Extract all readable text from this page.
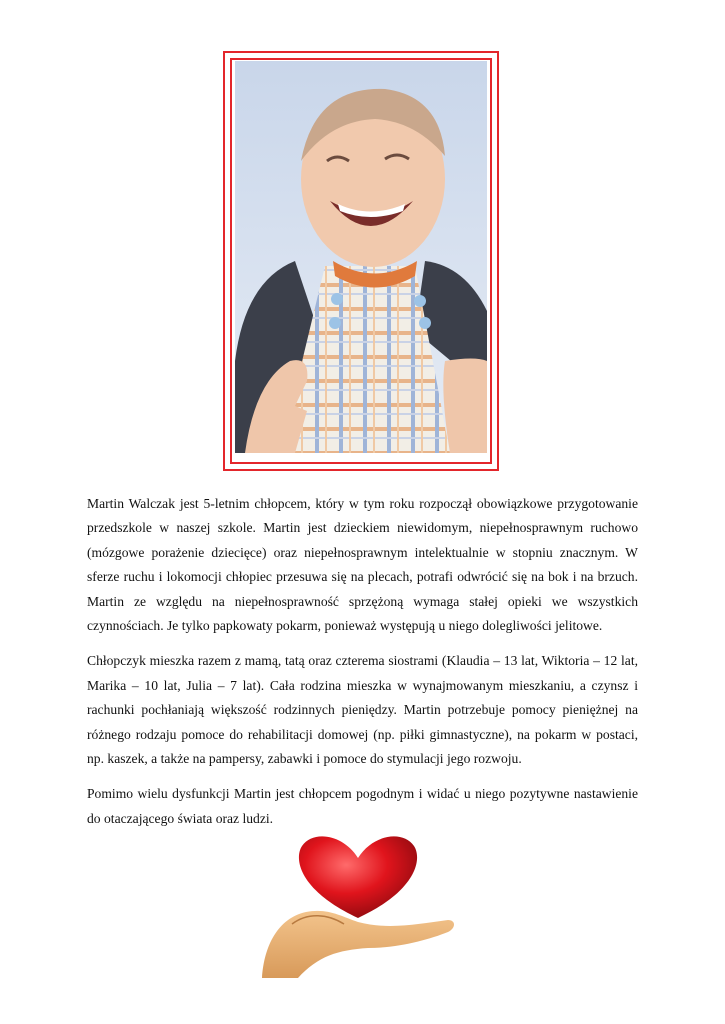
Martin Walczak jest 5-letnim chłopcem, który w tym roku rozpoczął obowiązkowe przygotowanie przedszkole w naszej szkole. Martin jest dzieckiem niewidomym, niepełnosprawnym ruchowo (mózgowe porażenie dziecięce) oraz niepełnosprawnym intelektualnie w stopniu znacznym. W sferze ruchu i lokomocji chłopiec przesuwa się na plecach, potrafi odwrócić się na bok i na brzuch. Martin ze względu na niepełnosprawność sprzężoną wymaga stałej opieki we wszystkich czynnościach. Je tylko papkowaty pokarm, ponieważ występują u niego dolegliwości jelitowe.

Chłopczyk mieszka razem z mamą, tatą oraz czterema siostrami (Klaudia – 13 lat, Wiktoria – 12 lat, Marika – 10 lat, Julia – 7 lat). Cała rodzina mieszka w wynajmowanym mieszkaniu, a czynsz i rachunki pochłaniają większość rodzinnych pieniędzy. Martin potrzebuje pomocy pieniężnej na różnego rodzaju pomoce do rehabilitacji domowej (np. piłki gimnastyczne), na pokarm w postaci, np. kaszek, a także na pampersy, zabawki i pomoce do stymulacji jego rozwoju.

Pomimo wielu dysfunkcji Martin jest chłopcem pogodnym i widać u niego pozytywne nastawienie do otaczającego świata oraz ludzi.
